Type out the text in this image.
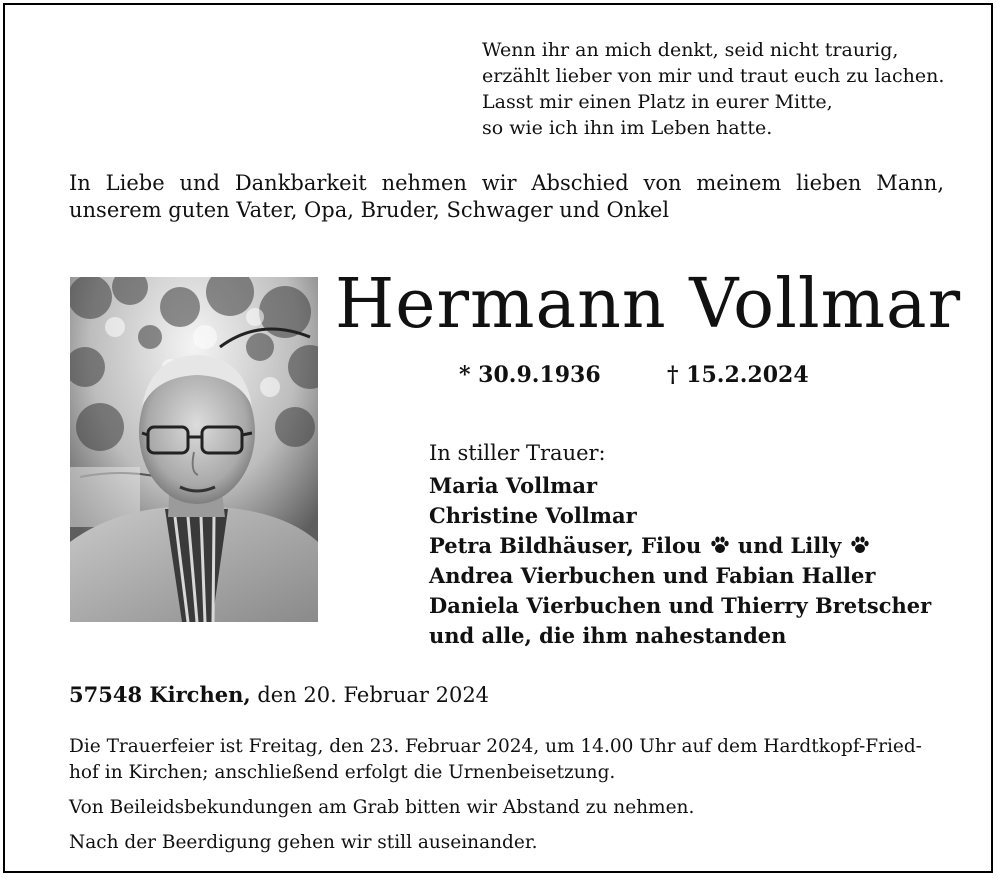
Wenn ihr an mich denkt, seid nicht traurig,
erzählt lieber von mir und traut euch zu lachen.
Lasst mir einen Platz in eurer Mitte,
so wie ich ihn im Leben hatte.
In Liebe und Dankbarkeit nehmen wir Abschied von meinem lieben Mann,
unserem guten Vater, Opa, Bruder, Schwager und Onkel
Hermann Vollmar
* 30.9.1936	† 15.2.2024
In stiller Trauer:
Maria Vollmar
Christine Vollmar
Petra Bildhäuser, Filou und Lilly
Andrea Vierbuchen und Fabian Haller
Daniela Vierbuchen und Thierry Bretscher
und alle, die ihm nahestanden
57548 Kirchen, den 20. Februar 2024

Die Trauerfeier ist Freitag, den 23. Februar 2024, um 14.00 Uhr auf dem Hardtkopf-Fried-
hof in Kirchen; anschließend erfolgt die Urnenbeisetzung.

Von Beileidsbekundungen am Grab bitten wir Abstand zu nehmen.

Nach der Beerdigung gehen wir still auseinander.
